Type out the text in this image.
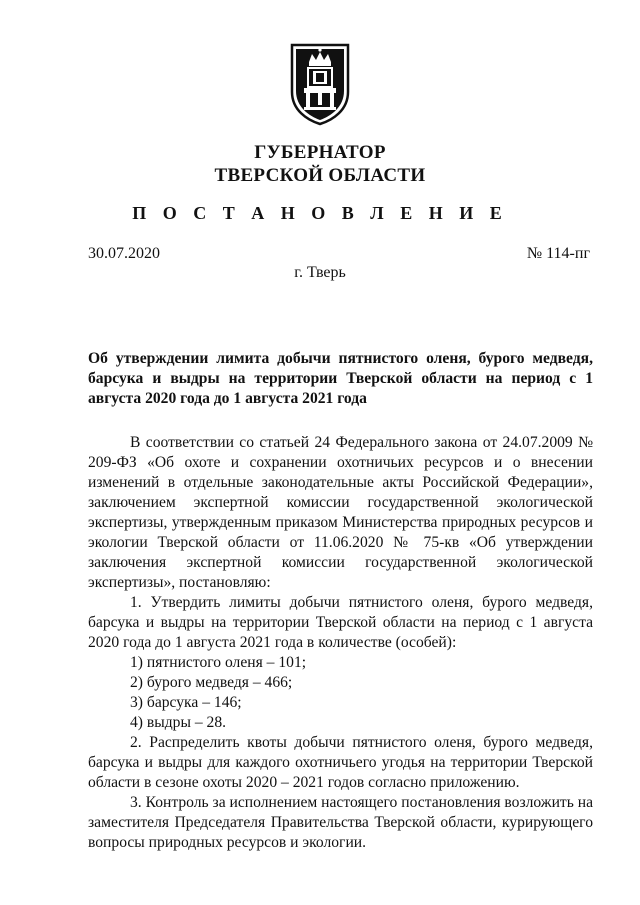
ГУБЕРНАТОР
ТВЕРСКОЙ ОБЛАСТИ
П О С Т А Н О В Л Е Н И Е
30.07.2020	№ 114-пг
г. Тверь
Об утверждении лимита добычи пятнистого оленя, бурого медведя, барсука и выдры на территории Тверской области на период с 1 августа 2020 года до 1 августа 2021 года

В соответствии со статьей 24 Федерального закона от 24.07.2009 № 209-ФЗ «Об охоте и сохранении охотничьих ресурсов и о внесении изменений в отдельные законодательные акты Российской Федерации», заключением экспертной комиссии государственной экологической экспертизы, утвержденным приказом Министерства природных ресурсов и экологии Тверской области от 11.06.2020 № 75-кв «Об утверждении заключения экспертной комиссии государственной экологической экспертизы», постановляю:

1. Утвердить лимиты добычи пятнистого оленя, бурого медведя, барсука и выдры на территории Тверской области на период с 1 августа 2020 года до 1 августа 2021 года в количестве (особей):

1) пятнистого оленя – 101;

2) бурого медведя – 466;

3) барсука – 146;

4) выдры – 28.

2. Распределить квоты добычи пятнистого оленя, бурого медведя, барсука и выдры для каждого охотничьего угодья на территории Тверской области в сезоне охоты 2020 – 2021 годов согласно приложению.

3. Контроль за исполнением настоящего постановления возложить на заместителя Председателя Правительства Тверской области, курирующего вопросы природных ресурсов и экологии.
